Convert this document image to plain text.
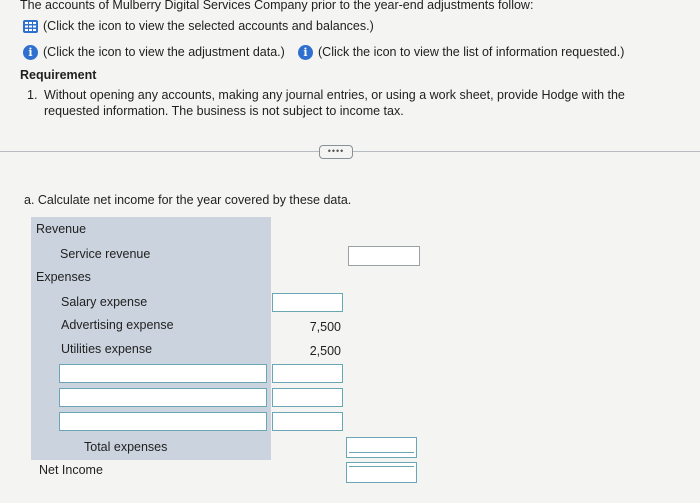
The accounts of Mulberry Digital Services Company prior to the year-end adjustments follow:
(Click the icon to view the selected accounts and balances.)
i (Click the icon to view the adjustment data.)	i (Click the icon to view the list of information requested.)
Requirement
1. Without opening any accounts, making any journal entries, or using a work sheet, provide Hodge with the
requested information. The business is not subject to income tax.
••••
a. Calculate net income for the year covered by these data.
Revenue
Service revenue
Expenses
Salary expense
Advertising expense
Utilities expense
Total expenses
Net Income
7,500
2,500
